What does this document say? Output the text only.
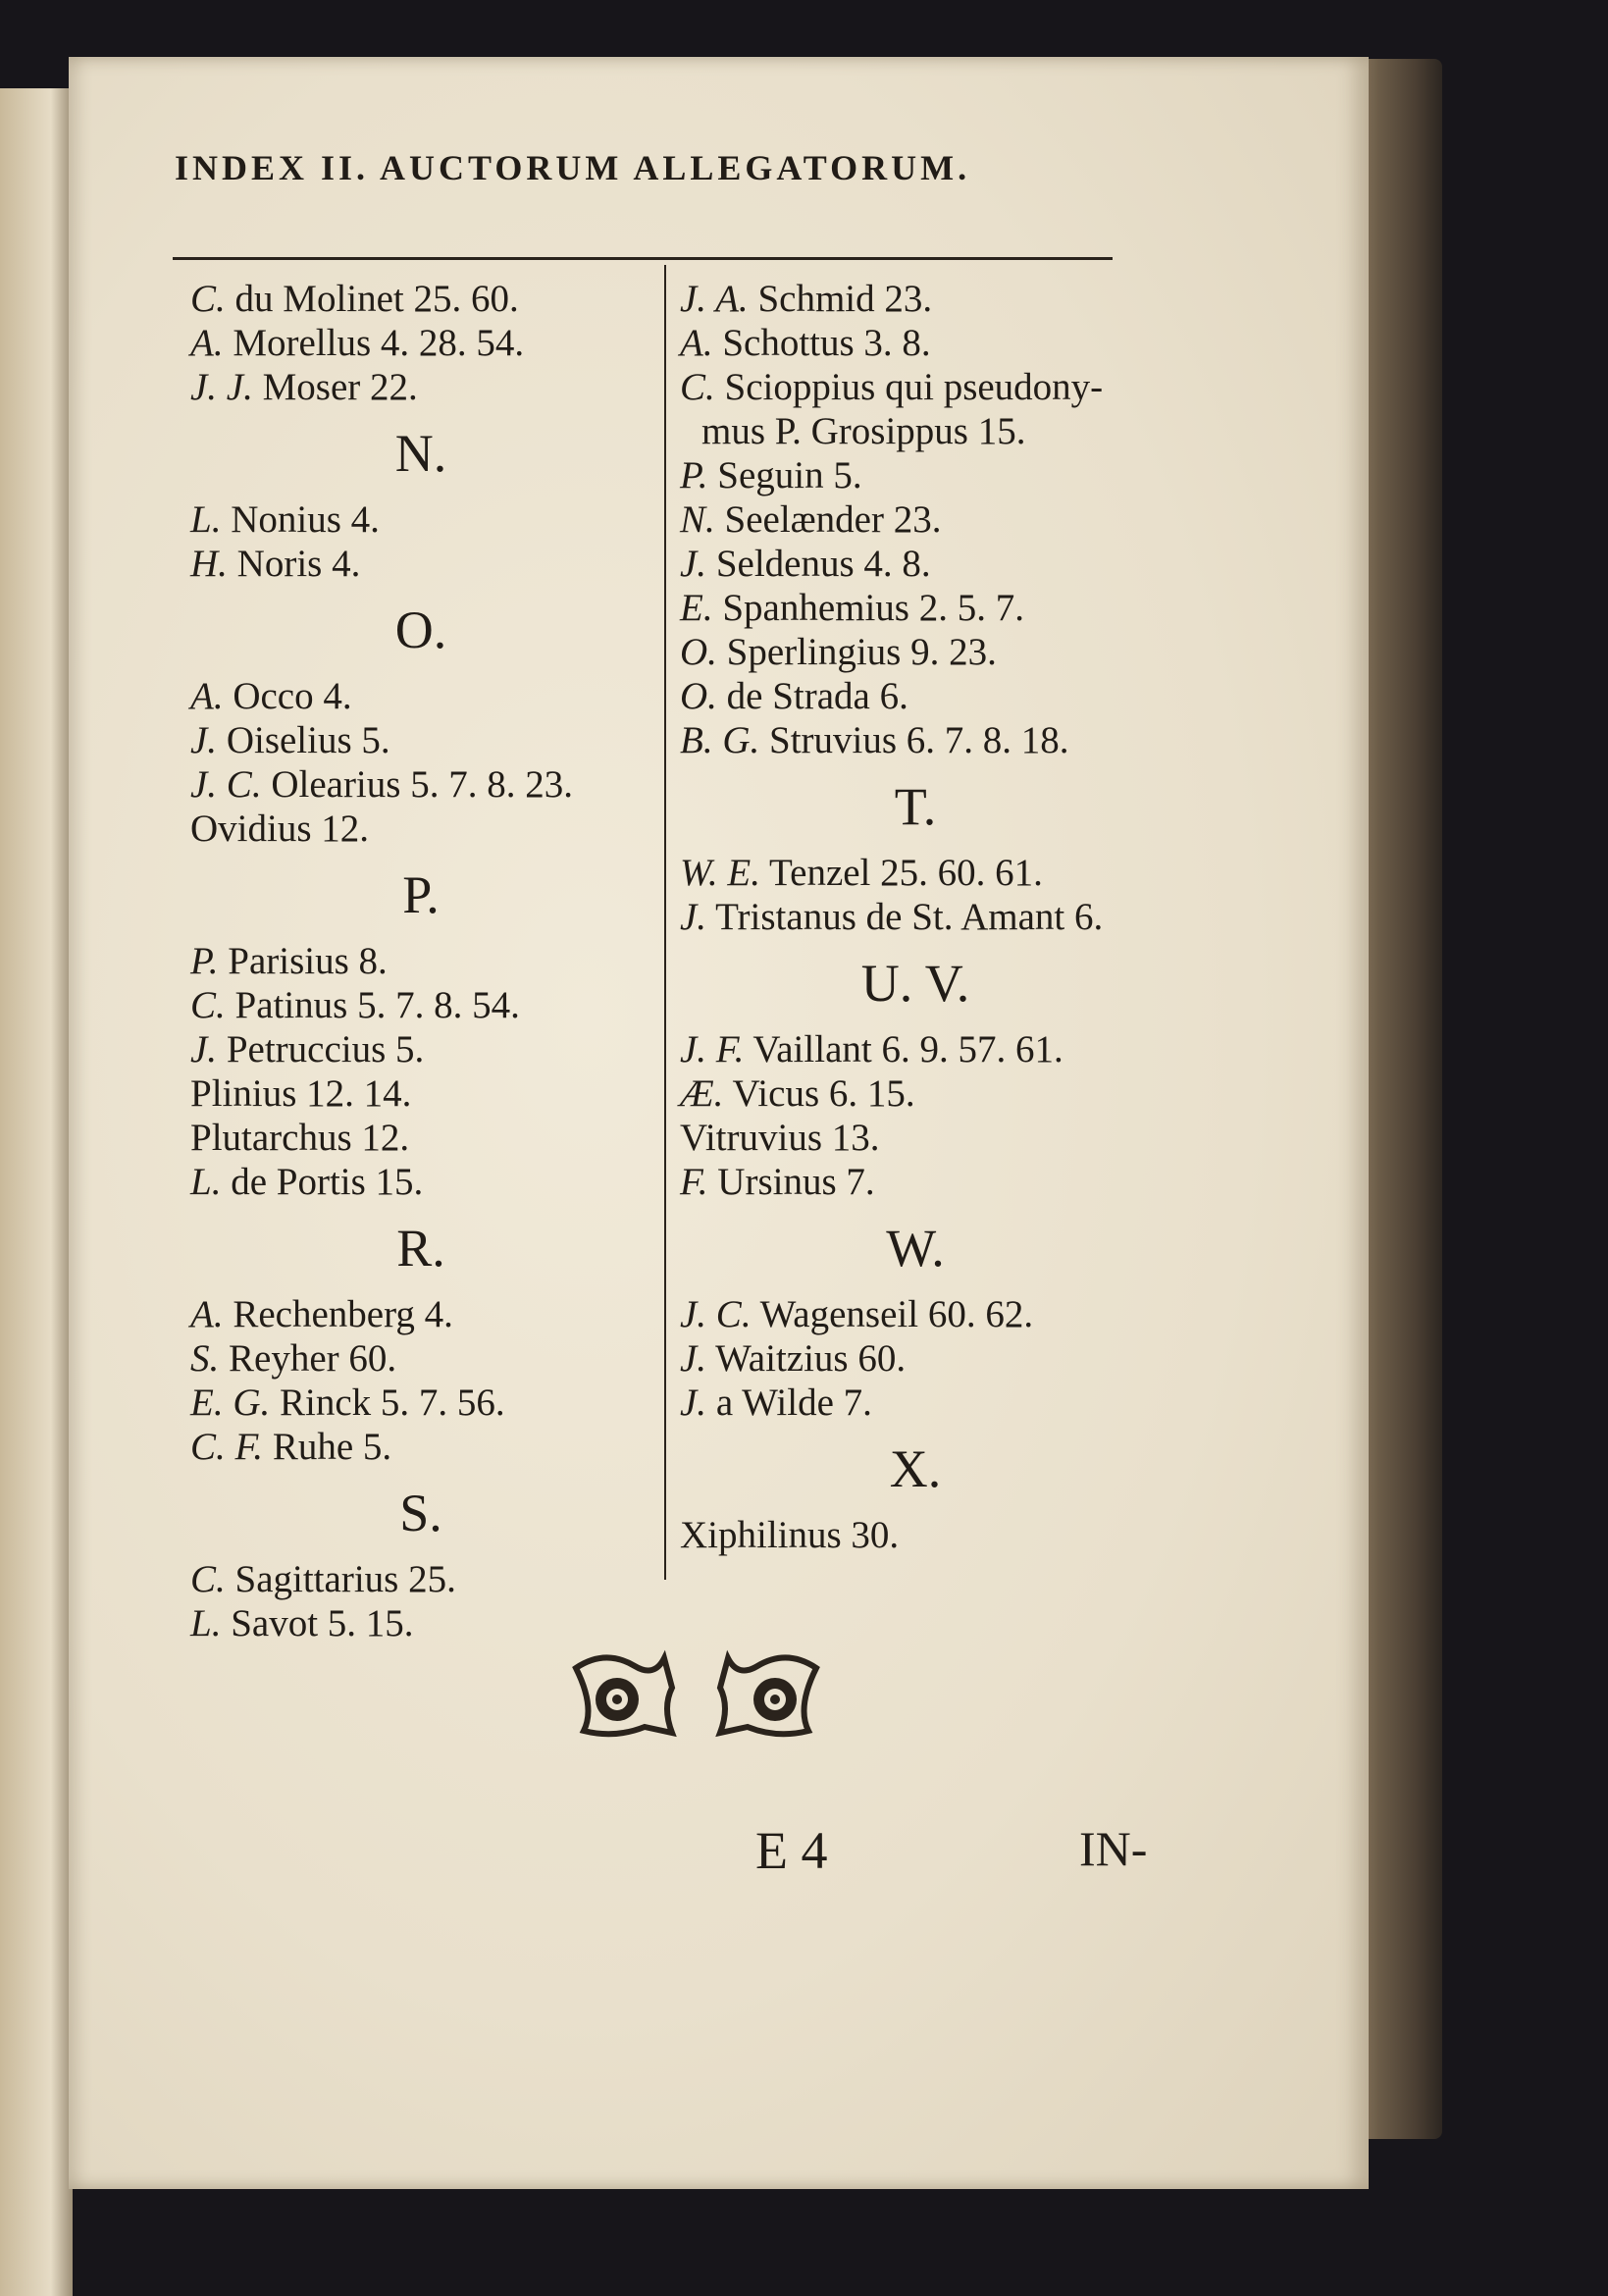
INDEX II. AUCTORUM ALLEGATORUM.
C. du Molinet 25. 60.
A. Morellus 4. 28. 54.
J. J. Moser 22.
N.
L. Nonius 4.
H. Noris 4.
O.
A. Occo 4.
J. Oiselius 5.
J. C. Olearius 5. 7. 8. 23.
Ovidius 12.
P.
P. Parisius 8.
C. Patinus 5. 7. 8. 54.
J. Petruccius 5.
Plinius 12. 14.
Plutarchus 12.
L. de Portis 15.
R.
A. Rechenberg 4.
S. Reyher 60.
E. G. Rinck 5. 7. 56.
C. F. Ruhe 5.
S.
C. Sagittarius 25.
L. Savot 5. 15.
J. A. Schmid 23.
A. Schottus 3. 8.
C. Scioppius qui pseudony-
mus P. Grosippus 15.
P. Seguin 5.
N. Seelænder 23.
J. Seldenus 4. 8.
E. Spanhemius 2. 5. 7.
O. Sperlingius 9. 23.
O. de Strada 6.
B. G. Struvius 6. 7. 8. 18.
T.
W. E. Tenzel 25. 60. 61.
J. Tristanus de St. Amant 6.
U. V.
J. F. Vaillant 6. 9. 57. 61.
Æ. Vicus 6. 15.
Vitruvius 13.
F. Ursinus 7.
W.
J. C. Wagenseil 60. 62.
J. Waitzius 60.
J. a Wilde 7.
X.
Xiphilinus 30.
E 4	IN-
